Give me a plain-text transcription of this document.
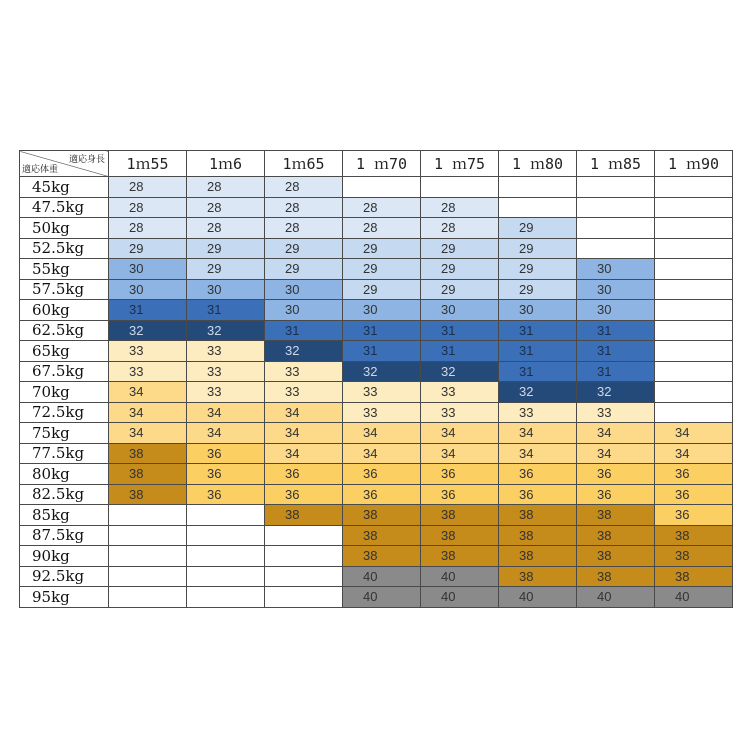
適応身長
適応体重	1ｍ55	1ｍ6	1ｍ65	1 ｍ70	1 ｍ75	1 ｍ80	1 ｍ85	1 ｍ90
45kg	28	28	28					
47.5kg	28	28	28	28	28			
50kg	28	28	28	28	28	29		
52.5kg	29	29	29	29	29	29		
55kg	30	29	29	29	29	29	30	
57.5kg	30	30	30	29	29	29	30	
60kg	31	31	30	30	30	30	30	
62.5kg	32	32	31	31	31	31	31	
65kg	33	33	32	31	31	31	31	
67.5kg	33	33	33	32	32	31	31	
70kg	34	33	33	33	33	32	32	
72.5kg	34	34	34	33	33	33	33	
75kg	34	34	34	34	34	34	34	34
77.5kg	38	36	34	34	34	34	34	34
80kg	38	36	36	36	36	36	36	36
82.5kg	38	36	36	36	36	36	36	36
85kg			38	38	38	38	38	36
87.5kg				38	38	38	38	38
90kg				38	38	38	38	38
92.5kg				40	40	38	38	38
95kg				40	40	40	40	40
